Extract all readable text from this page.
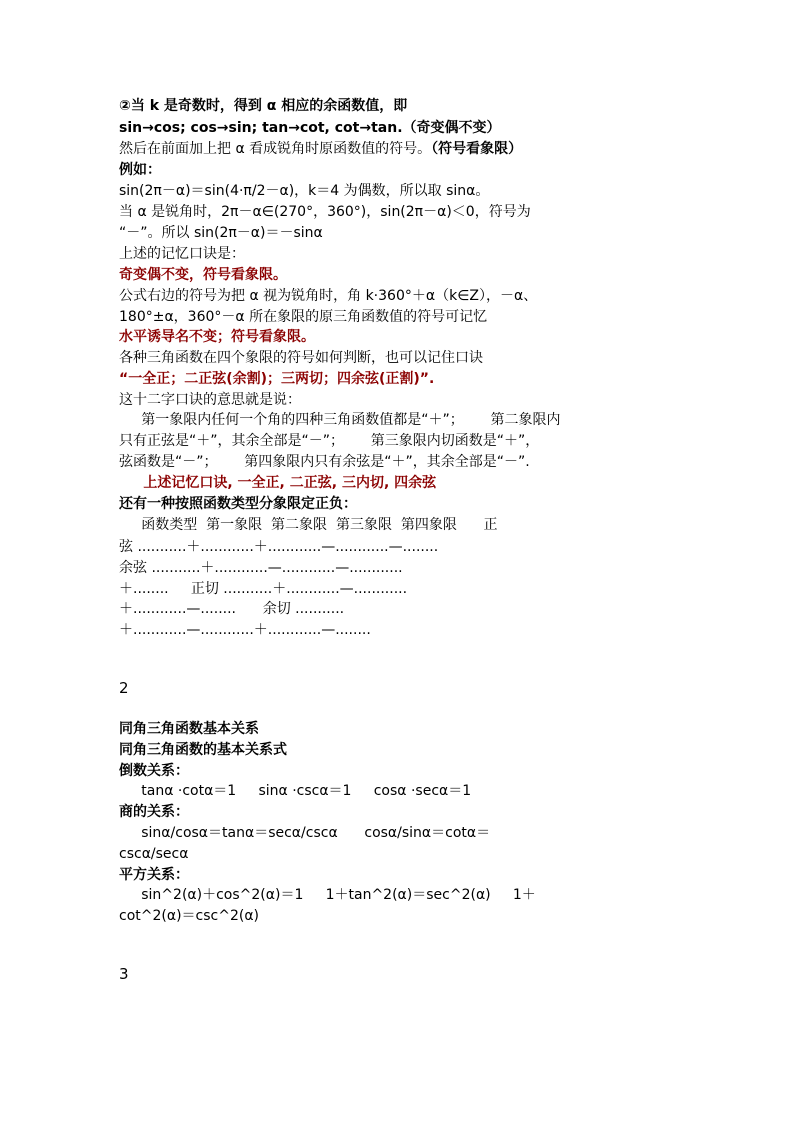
②当 k 是奇数时，得到 α 相应的余函数值，即
sin→cos; cos→sin; tan→cot, cot→tan.（奇变偶不变）
然后在前面加上把 α 看成锐角时原函数值的符号。（符号看象限）
例如：
sin(2π－α)＝sin(4·π/2－α)，k＝4 为偶数，所以取 sinα。
当 α 是锐角时，2π－α∈(270°，360°)，sin(2π－α)＜0，符号为
“－”。所以 sin(2π－α)＝－sinα
上述的记忆口诀是：
奇变偶不变，符号看象限。
公式右边的符号为把 α 视为锐角时，角 k·360°＋α（k∈Z），－α、
180°±α，360°－α 所在象限的原三角函数值的符号可记忆
水平诱导名不变；符号看象限。
各种三角函数在四个象限的符号如何判断，也可以记住口诀
“一全正；二正弦(余割)；三两切；四余弦(正割)”.
这十二字口诀的意思就是说：
第一象限内任何一个角的四种三角函数值都是“＋”；      第二象限内
只有正弦是“＋”，其余全部是“－”；      第三象限内切函数是“＋”，
弦函数是“－”；      第四象限内只有余弦是“＋”，其余全部是“－”.
上述记忆口诀, 一全正, 二正弦, 三内切, 四余弦
还有一种按照函数类型分象限定正负：
函数类型  第一象限  第二象限  第三象限  第四象限      正
弦 ...........＋............＋............—............—........
余弦 ...........＋............—............—............
＋........     正切 ...........＋............—............
＋............—........      余切 ...........
＋............—............＋............—........
2
同角三角函数基本关系
同角三角函数的基本关系式
倒数关系：
tanα ·cotα＝1     sinα ·cscα＝1     cosα ·secα＝1
商的关系：
sinα/cosα＝tanα＝secα/cscα      cosα/sinα＝cotα＝
cscα/secα
平方关系：
sin^2(α)＋cos^2(α)＝1     1＋tan^2(α)＝sec^2(α)     1＋
cot^2(α)＝csc^2(α)
3
